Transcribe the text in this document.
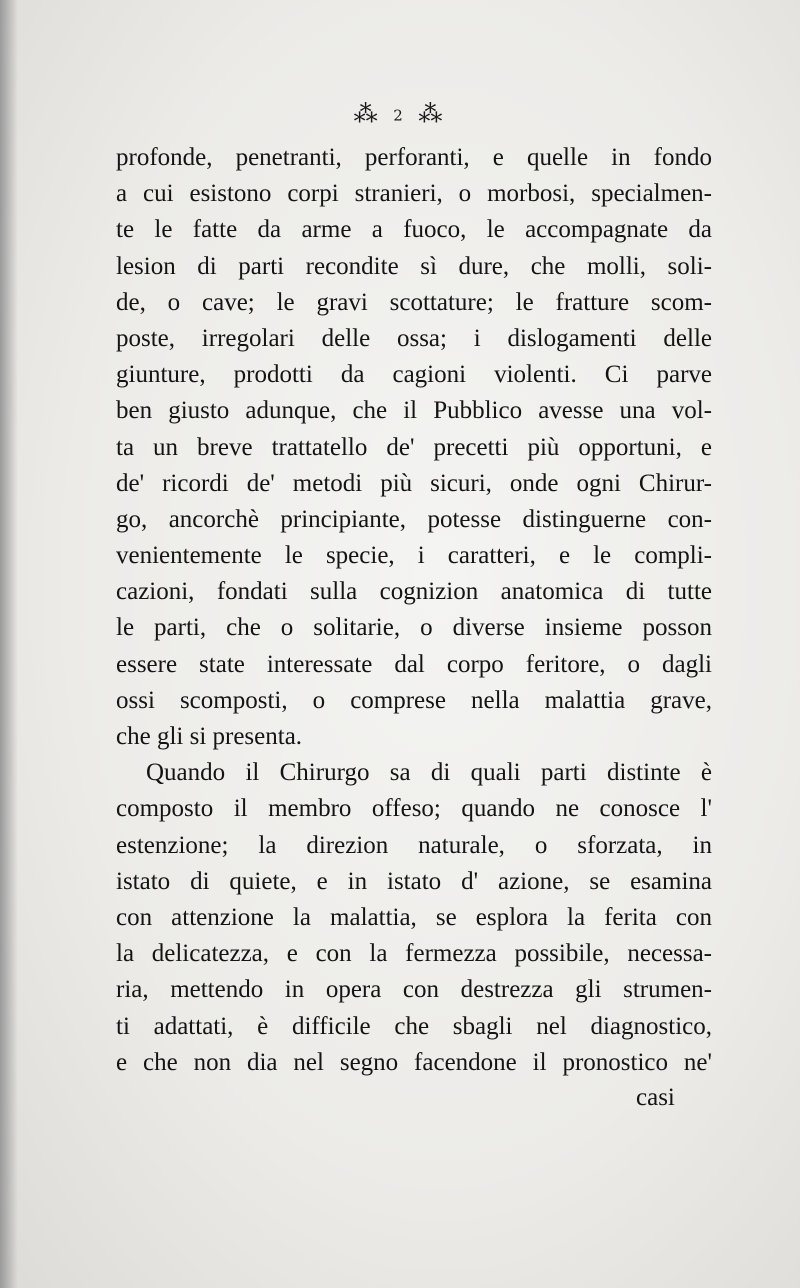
⁂ 2 ⁂
profonde, penetranti, perforanti, e quelle in fondo
a cui esistono corpi stranieri, o morbosi, specialmen-
te le fatte da arme a fuoco, le accompagnate da
lesion di parti recondite sì dure, che molli, soli-
de, o cave; le gravi scottature; le fratture scom-
poste, irregolari delle ossa; i dislogamenti delle
giunture, prodotti da cagioni violenti. Ci parve
ben giusto adunque, che il Pubblico avesse una vol-
ta un breve trattatello de' precetti più opportuni, e
de' ricordi de' metodi più sicuri, onde ogni Chirur-
go, ancorchè principiante, potesse distinguerne con-
venientemente le specie, i caratteri, e le compli-
cazioni, fondati sulla cognizion anatomica di tutte
le parti, che o solitarie, o diverse insieme posson
essere state interessate dal corpo feritore, o dagli
ossi scomposti, o comprese nella malattia grave,
che gli si presenta.
Quando il Chirurgo sa di quali parti distinte è
composto il membro offeso; quando ne conosce l'
estenzione; la direzion naturale, o sforzata, in
istato di quiete, e in istato d' azione, se esamina
con attenzione la malattia, se esplora la ferita con
la delicatezza, e con la fermezza possibile, necessa-
ria, mettendo in opera con destrezza gli strumen-
ti adattati, è difficile che sbagli nel diagnostico,
e che non dia nel segno facendone il pronostico ne'
casi
